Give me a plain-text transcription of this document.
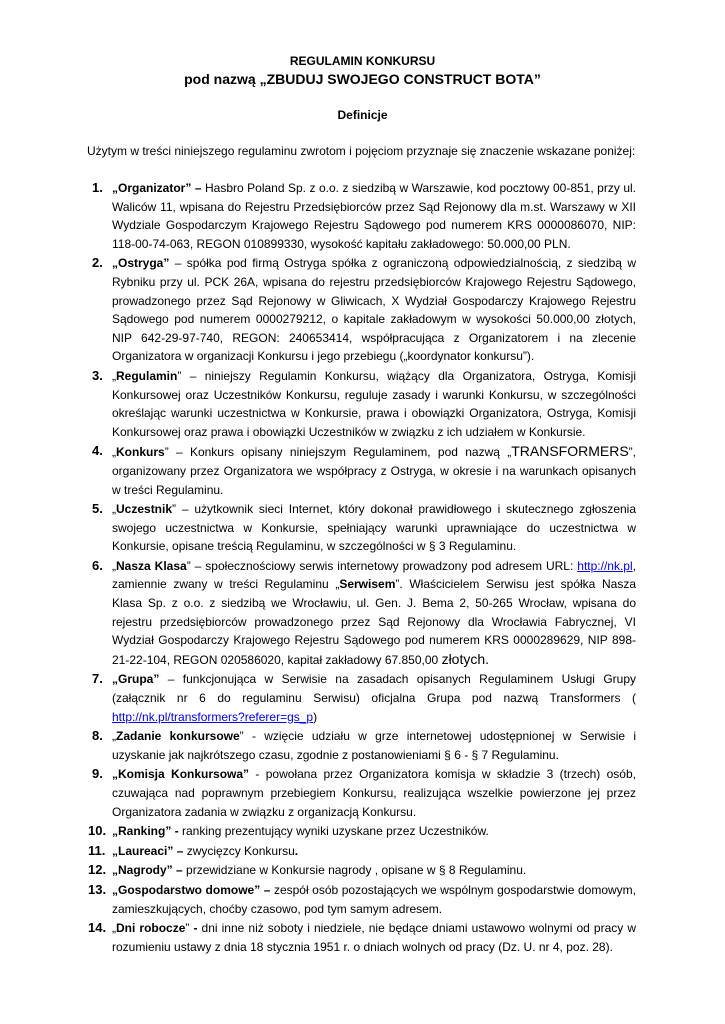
REGULAMIN KONKURSU
pod nazwą „ZBUDUJ SWOJEGO CONSTRUCT BOTA”
Definicje
Użytym w treści niniejszego regulaminu zwrotom i pojęciom przyznaje się znaczenie wskazane poniżej:
1. „Organizator” – Hasbro Poland Sp. z o.o. z siedzibą w Warszawie, kod pocztowy 00-851, przy ul. Waliców 11, wpisana do Rejestru Przedsiębiorców przez Sąd Rejonowy dla m.st. Warszawy w XII Wydziale Gospodarczym Krajowego Rejestru Sądowego pod numerem KRS 0000086070, NIP: 118-00-74-063, REGON 010899330, wysokość kapitału zakładowego: 50.000,00 PLN.
2. „Ostryga” – spółka pod firmą Ostryga spółka z ograniczoną odpowiedzialnością, z siedzibą w Rybniku przy ul. PCK 26A, wpisana do rejestru przedsiębiorców Krajowego Rejestru Sądowego, prowadzonego przez Sąd Rejonowy w Gliwicach, X Wydział Gospodarczy Krajowego Rejestru Sądowego pod numerem 0000279212, o kapitale zakładowym w wysokości 50.000,00 złotych, NIP 642-29-97-740, REGON: 240653414, współpracująca z Organizatorem i na zlecenie Organizatora w organizacji Konkursu i jego przebiegu („koordynator konkursu”).
3. „Regulamin” – niniejszy Regulamin Konkursu, wiążący dla Organizatora, Ostryga, Komisji Konkursowej oraz Uczestników Konkursu, reguluje zasady i warunki Konkursu, w szczególności określając warunki uczestnictwa w Konkursie, prawa i obowiązki Organizatora, Ostryga, Komisji Konkursowej oraz prawa i obowiązki Uczestników w związku z ich udziałem w Konkursie.
4. „Konkurs” – Konkurs opisany niniejszym Regulaminem, pod nazwą „TRANSFORMERS”, organizowany przez Organizatora we współpracy z Ostryga, w okresie i na warunkach opisanych w treści Regulaminu.
5. „Uczestnik” – użytkownik sieci Internet, który dokonał prawidłowego i skutecznego zgłoszenia swojego uczestnictwa w Konkursie, spełniający warunki uprawniające do uczestnictwa w Konkursie, opisane treścią Regulaminu, w szczególności w § 3 Regulaminu.
6. „Nasza Klasa” – społecznościowy serwis internetowy prowadzony pod adresem URL: http://nk.pl, zamiennie zwany w treści Regulaminu „Serwisem”. Właścicielem Serwisu jest spółka Nasza Klasa Sp. z o.o. z siedzibą we Wrocławiu, ul. Gen. J. Bema 2, 50-265 Wrocław, wpisana do rejestru przedsiębiorców prowadzonego przez Sąd Rejonowy dla Wrocławia Fabrycznej, VI Wydział Gospodarczy Krajowego Rejestru Sądowego pod numerem KRS 0000289629, NIP 898-21-22-104, REGON 020586020, kapitał zakładowy 67.850,00 złotych.
7. „Grupa” – funkcjonująca w Serwisie na zasadach opisanych Regulaminem Usługi Grupy (załącznik nr 6 do regulaminu Serwisu) oficjalna Grupa pod nazwą Transformers ( http://nk.pl/transformers?referer=gs_p)
8. „Zadanie konkursowe” - wzięcie udziału w grze internetowej udostępnionej w Serwisie i uzyskanie jak najkrótszego czasu, zgodnie z postanowieniami § 6 - § 7 Regulaminu.
9. „Komisja Konkursowa” - powołana przez Organizatora komisja w składzie 3 (trzech) osób, czuwająca nad poprawnym przebiegiem Konkursu, realizująca wszelkie powierzone jej przez Organizatora zadania w związku z organizacją Konkursu.
10. „Ranking” - ranking prezentujący wyniki uzyskane przez Uczestników.
11. „Laureaci” – zwycięzcy Konkursu.
12. „Nagrody” – przewidziane w Konkursie nagrody , opisane w § 8 Regulaminu.
13. „Gospodarstwo domowe” – zespół osób pozostających we wspólnym gospodarstwie domowym, zamieszkujących, choćby czasowo, pod tym samym adresem.
14. „Dni robocze” - dni inne niż soboty i niedziele, nie będące dniami ustawowo wolnymi od pracy w rozumieniu ustawy z dnia 18 stycznia 1951 r. o dniach wolnych od pracy (Dz. U. nr 4, poz. 28).
